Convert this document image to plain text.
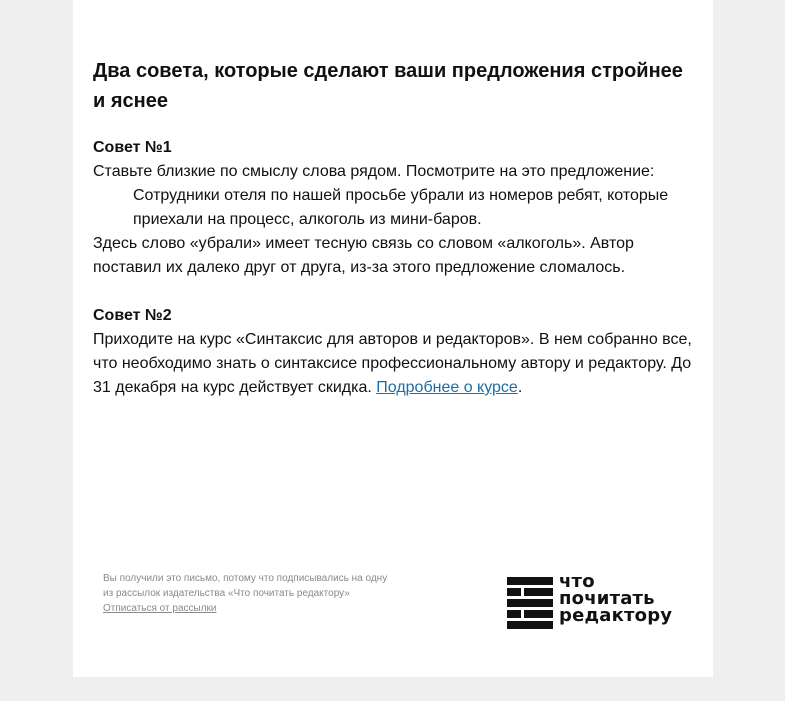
Два совета, которые сделают ваши предложения стройнее и яснее

Совет №1

Ставьте близкие по смыслу слова рядом. Посмотрите на это предложение:

Сотрудники отеля по нашей просьбе убрали из номеров ребят, которые приехали на процесс, алкоголь из мини-баров.

Здесь слово «убрали» имеет тесную связь со словом «алкоголь». Автор поставил их далеко друг от друга, из-за этого предложение сломалось.

Совет №2

Приходите на курс «Синтаксис для авторов и редакторов». В нем собранно все, что необходимо знать о синтаксисе профессиональному автору и редактору. До 31 декабря на курс действует скидка. Подробнее о курсе.

Вы получили это письмо, потому что подписывались на одну из рассылок издательства «Что почитать редактору»
Отписаться от рассылки
что
почитать
редактору
